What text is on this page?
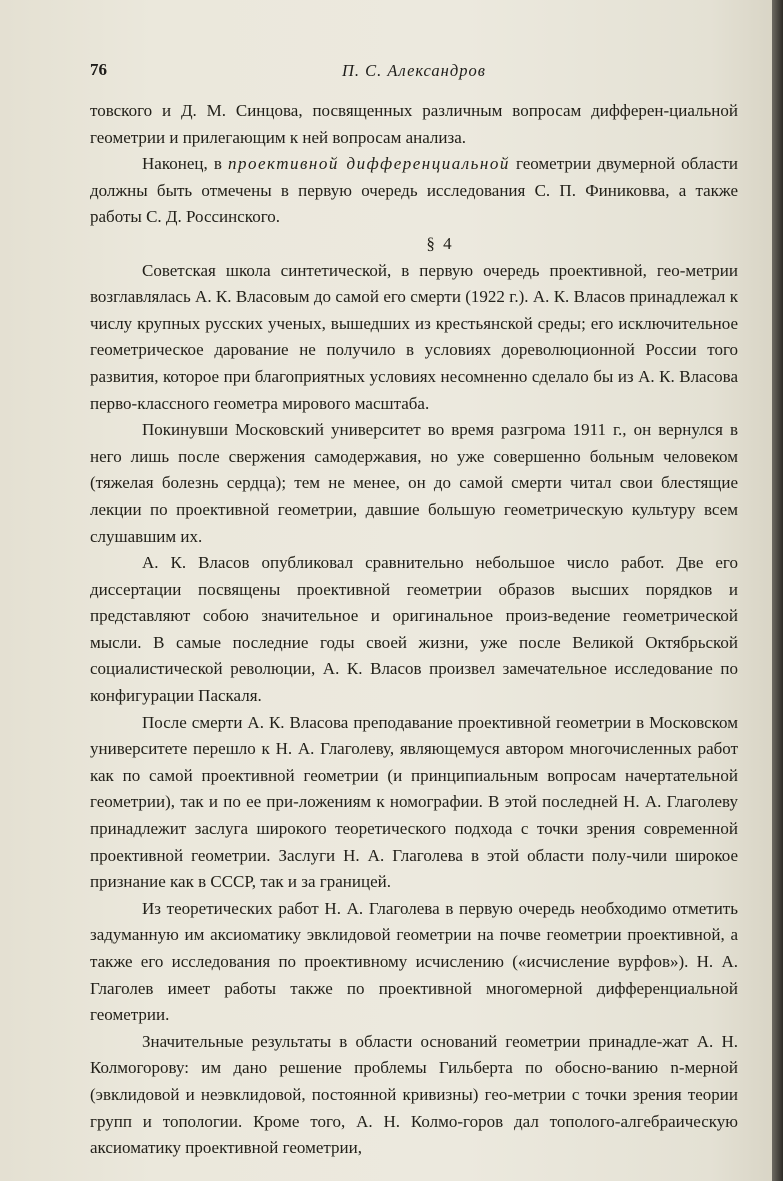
76	П. С. Александров

товского и Д. М. Синцова, посвященных различным вопросам дифферен-циальной геометрии и прилегающим к ней вопросам анализа.

Наконец, в проективной дифференциальной геометрии двумерной области должны быть отмечены в первую очередь исследования С. П. Финиковва, а также работы С. Д. Россинского.

§ 4

Советская школа синтетической, в первую очередь проективной, гео-метрии возглавлялась А. К. Власовым до самой его смерти (1922 г.). А. К. Власов принадлежал к числу крупных русских ученых, вышедших из крестьянской среды; его исключительное геометрическое дарование не получило в условиях дореволюционной России того развития, которое при благоприятных условиях несомненно сделало бы из А. К. Власова перво-классного геометра мирового масштаба.

Покинувши Московский университет во время разгрома 1911 г., он вернулся в него лишь после свержения самодержавия, но уже совершенно больным человеком (тяжелая болезнь сердца); тем не менее, он до самой смерти читал свои блестящие лекции по проективной геометрии, давшие большую геометрическую культуру всем слушавшим их.

А. К. Власов опубликовал сравнительно небольшое число работ. Две его диссертации посвящены проективной геометрии образов высших порядков и представляют собою значительное и оригинальное произ-ведение геометрической мысли. В самые последние годы своей жизни, уже после Великой Октябрьской социалистической революции, А. К. Власов произвел замечательное исследование по конфигурации Паскаля.

После смерти А. К. Власова преподавание проективной геометрии в Московском университете перешло к Н. А. Глаголеву, являющемуся автором многочисленных работ как по самой проективной геометрии (и принципиальным вопросам начертательной геометрии), так и по ее при-ложениям к номографии. В этой последней Н. А. Глаголеву принадлежит заслуга широкого теоретического подхода с точки зрения современной проективной геометрии. Заслуги Н. А. Глаголева в этой области полу-чили широкое признание как в СССР, так и за границей.

Из теоретических работ Н. А. Глаголева в первую очередь необходимо отметить задуманную им аксиоматику эвклидовой геометрии на почве геометрии проективной, а также его исследования по проективному исчислению («исчисление вурфов»). Н. А. Глаголев имеет работы также по проективной многомерной дифференциальной геометрии.

Значительные результаты в области оснований геометрии принадле-жат А. Н. Колмогорову: им дано решение проблемы Гильберта по обосно-ванию n-мерной (эвклидовой и неэвклидовой, постоянной кривизны) гео-метрии с точки зрения теории групп и топологии. Кроме того, А. Н. Колмо-горов дал тополого-алгебраическую аксиоматику проективной геометрии,
